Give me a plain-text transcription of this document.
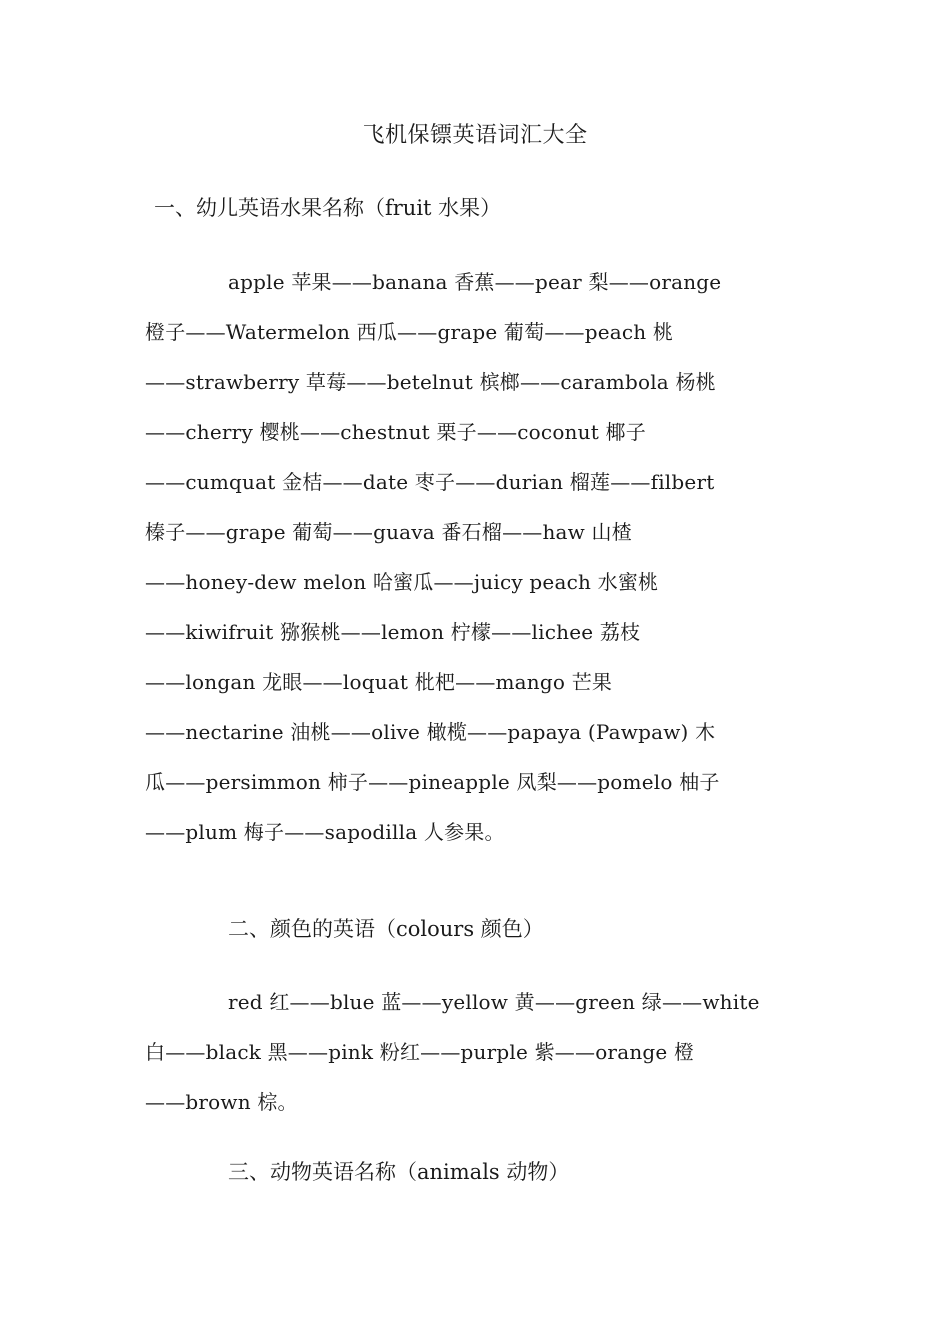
飞机保镖英语词汇大全
一、幼儿英语水果名称（fruit 水果）
apple 苹果——banana 香蕉——pear 梨——orange
橙子——Watermelon 西瓜——grape 葡萄——peach 桃
——strawberry 草莓——betelnut 槟榔——carambola 杨桃
——cherry 樱桃——chestnut 栗子——coconut 椰子
——cumquat 金桔——date 枣子——durian 榴莲——filbert
榛子——grape 葡萄——guava 番石榴——haw 山楂
——honey-dew melon 哈蜜瓜——juicy peach 水蜜桃
——kiwifruit 猕猴桃——lemon 柠檬——lichee 荔枝
——longan 龙眼——loquat 枇杷——mango 芒果
——nectarine 油桃——olive 橄榄——papaya (Pawpaw) 木
瓜——persimmon 柿子——pineapple 凤梨——pomelo 柚子
——plum 梅子——sapodilla 人参果。
二、颜色的英语（colours 颜色）
red 红——blue 蓝——yellow 黄——green 绿——white
白——black 黑——pink 粉红——purple 紫——orange 橙
——brown 棕。
三、动物英语名称（animals 动物）
